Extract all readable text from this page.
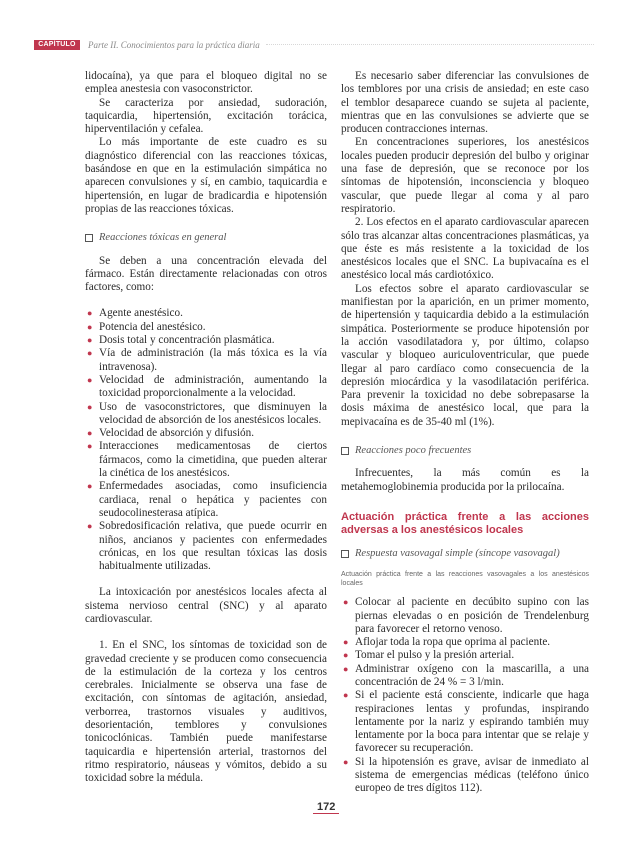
CAPÍTULO	Parte II. Conocimientos para la práctica diaria

lidocaína), ya que para el bloqueo digital no se emplea anestesia con vasoconstrictor.

Se caracteriza por ansiedad, sudoración, taquicardia, hipertensión, excitación torácica, hiperventilación y cefalea.

Lo más importante de este cuadro es su diagnóstico diferencial con las reacciones tóxicas, basándose en que en la estimulación simpática no aparecen convulsiones y sí, en cambio, taquicardia e hipertensión, en lugar de bradicardia e hipotensión propias de las reacciones tóxicas.

Reacciones tóxicas en general

Se deben a una concentración elevada del fármaco. Están directamente relacionadas con otros factores, como:

● Agente anestésico.
● Potencia del anestésico.
● Dosis total y concentración plasmática.
● Vía de administración (la más tóxica es la vía intravenosa).
● Velocidad de administración, aumentando la toxicidad proporcionalmente a la velocidad.
● Uso de vasoconstrictores, que disminuyen la velocidad de absorción de los anestésicos locales.
● Velocidad de absorción y difusión.
● Interacciones medicamentosas de ciertos fármacos, como la cimetidina, que pueden alterar la cinética de los anestésicos.
● Enfermedades asociadas, como insuficiencia cardiaca, renal o hepática y pacientes con seudocolinesterasa atípica.
● Sobredosificación relativa, que puede ocurrir en niños, ancianos y pacientes con enfermedades crónicas, en los que resultan tóxicas las dosis habitualmente utilizadas.

La intoxicación por anestésicos locales afecta al sistema nervioso central (SNC) y al aparato cardiovascular.

1. En el SNC, los síntomas de toxicidad son de gravedad creciente y se producen como consecuencia de la estimulación de la corteza y los centros cerebrales. Inicialmente se observa una fase de excitación, con síntomas de agitación, ansiedad, verborrea, trastornos visuales y auditivos, desorientación, temblores y convulsiones tonicoclónicas. También puede manifestarse taquicardia e hipertensión arterial, trastornos del ritmo respiratorio, náuseas y vómitos, debido a su toxicidad sobre la médula.

Es necesario saber diferenciar las convulsiones de los temblores por una crisis de ansiedad; en este caso el temblor desaparece cuando se sujeta al paciente, mientras que en las convulsiones se advierte que se producen contracciones internas.

En concentraciones superiores, los anestésicos locales pueden producir depresión del bulbo y originar una fase de depresión, que se reconoce por los síntomas de hipotensión, inconsciencia y bloqueo vascular, que puede llegar al coma y al paro respiratorio.

2. Los efectos en el aparato cardiovascular aparecen sólo tras alcanzar altas concentraciones plasmáticas, ya que éste es más resistente a la toxicidad de los anestésicos locales que el SNC. La bupivacaína es el anestésico local más cardiotóxico.

Los efectos sobre el aparato cardiovascular se manifiestan por la aparición, en un primer momento, de hipertensión y taquicardia debido a la estimulación simpática. Posteriormente se produce hipotensión por la acción vasodilatadora y, por último, colapso vascular y bloqueo auriculoventricular, que puede llegar al paro cardíaco como consecuencia de la depresión miocárdica y la vasodilatación periférica. Para prevenir la toxicidad no debe sobrepasarse la dosis máxima de anestésico local, que para la mepivacaína es de 35-40 ml (1%).

Reacciones poco frecuentes

Infrecuentes, la más común es la metahemoglobinemia producida por la prilocaína.

Actuación práctica frente a las acciones adversas a los anestésicos locales
Respuesta vasovagal simple (síncope vasovagal)
Actuación práctica frente a las reacciones vasovagales a los anestésicos locales
● Colocar al paciente en decúbito supino con las piernas elevadas o en posición de Trendelenburg para favorecer el retorno venoso.
● Aflojar toda la ropa que oprima al paciente.
● Tomar el pulso y la presión arterial.
● Administrar oxígeno con la mascarilla, a una concentración de 24 % = 3 l/min.
● Si el paciente está consciente, indicarle que haga respiraciones lentas y profundas, inspirando lentamente por la nariz y espirando también muy lentamente por la boca para intentar que se relaje y favorecer su recuperación.
● Si la hipotensión es grave, avisar de inmediato al sistema de emergencias médicas (teléfono único europeo de tres dígitos 112).
172
